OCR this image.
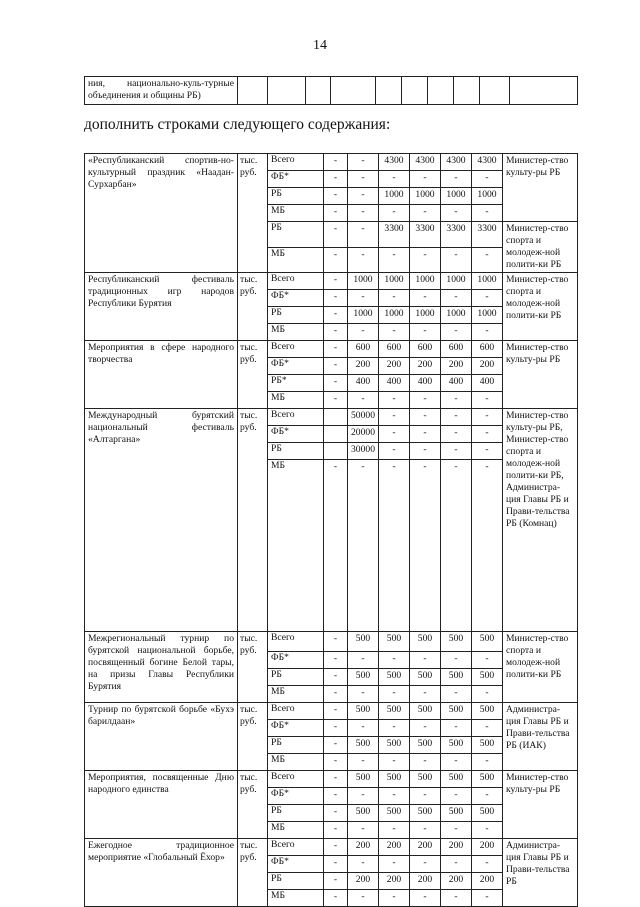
14
ния, национально-куль-турные объединения и общины РБ)										
дополнить строками следующего содержания:
«Республиканский спортив-но-культурный праздник «Наадан-Сурхарбан»	тыс. руб.	Всего	-	-	4300	4300	4300	4300	Министер-ство культу-ры РБ
		ФБ*	-	-	-	-	-	-	
		РБ	-	-	1000	1000	1000	1000	
		МБ	-	-	-	-	-	-	
		РБ	-	-	3300	3300	3300	3300	Министер-ство спорта и молодеж-ной полити-ки РБ
		МБ	-	-	-	-	-	-	
Республиканский фестиваль традиционных игр народов Республики Бурятия	тыс. руб.	Всего	-	1000	1000	1000	1000	1000	Министер-ство спорта и молодеж-ной полити-ки РБ
		ФБ*	-	-	-	-	-	-	
		РБ	-	1000	1000	1000	1000	1000	
		МБ	-	-	-	-	-	-	
Мероприятия в сфере народного творчества	тыс. руб.	Всего	-	600	600	600	600	600	Министер-ство культу-ры РБ
		ФБ*	-	200	200	200	200	200	
		РБ*	-	400	400	400	400	400	
		МБ	-	-	-	-	-	-	
Международный бурятский национальный фестиваль «Алтаргана»	тыс. руб.	Всего		50000	-	-	-	-	Министер-ство культу-ры РБ, Министер-ство спорта и молодеж-ной полити-ки РБ, Администра-ция Главы РБ и Прави-тельства РБ (Комнац)
		ФБ*		20000	-	-	-	-	
		РБ		30000	-	-	-	-	
		МБ	-	-	-	-	-	-	
Межрегиональный турнир по бурятской национальной борьбе, посвященный богине Белой тары, на призы Главы Республики Бурятия	тыс. руб.	Всего	-	500	500	500	500	500	Министер-ство спорта и молодеж-ной полити-ки РБ
		ФБ*	-	-	-	-	-	-	
		РБ	-	500	500	500	500	500	
		МБ	-	-	-	-	-	-	
Турнир по бурятской борьбе «Бухэ барилдаан»	тыс. руб.	Всего	-	500	500	500	500	500	Администра-ция Главы РБ и Прави-тельства РБ (ИАК)
		ФБ*	-	-	-	-	-	-	
		РБ	-	500	500	500	500	500	
		МБ	-	-	-	-	-	-	
Мероприятия, посвященные Дню народного единства	тыс. руб.	Всего	-	500	500	500	500	500	Министер-ство культу-ры РБ
		ФБ*	-	-	-	-	-	-	
		РБ	-	500	500	500	500	500	
		МБ	-	-	-	-	-	-	
Ежегодное традиционное мероприятие «Глобальный Ёхор»	тыс. руб.	Всего	-	200	200	200	200	200	Администра-ция Главы РБ и Прави-тельства РБ
		ФБ*	-	-	-	-	-	-	
		РБ	-	200	200	200	200	200	
		МБ	-	-	-	-	-	-	
